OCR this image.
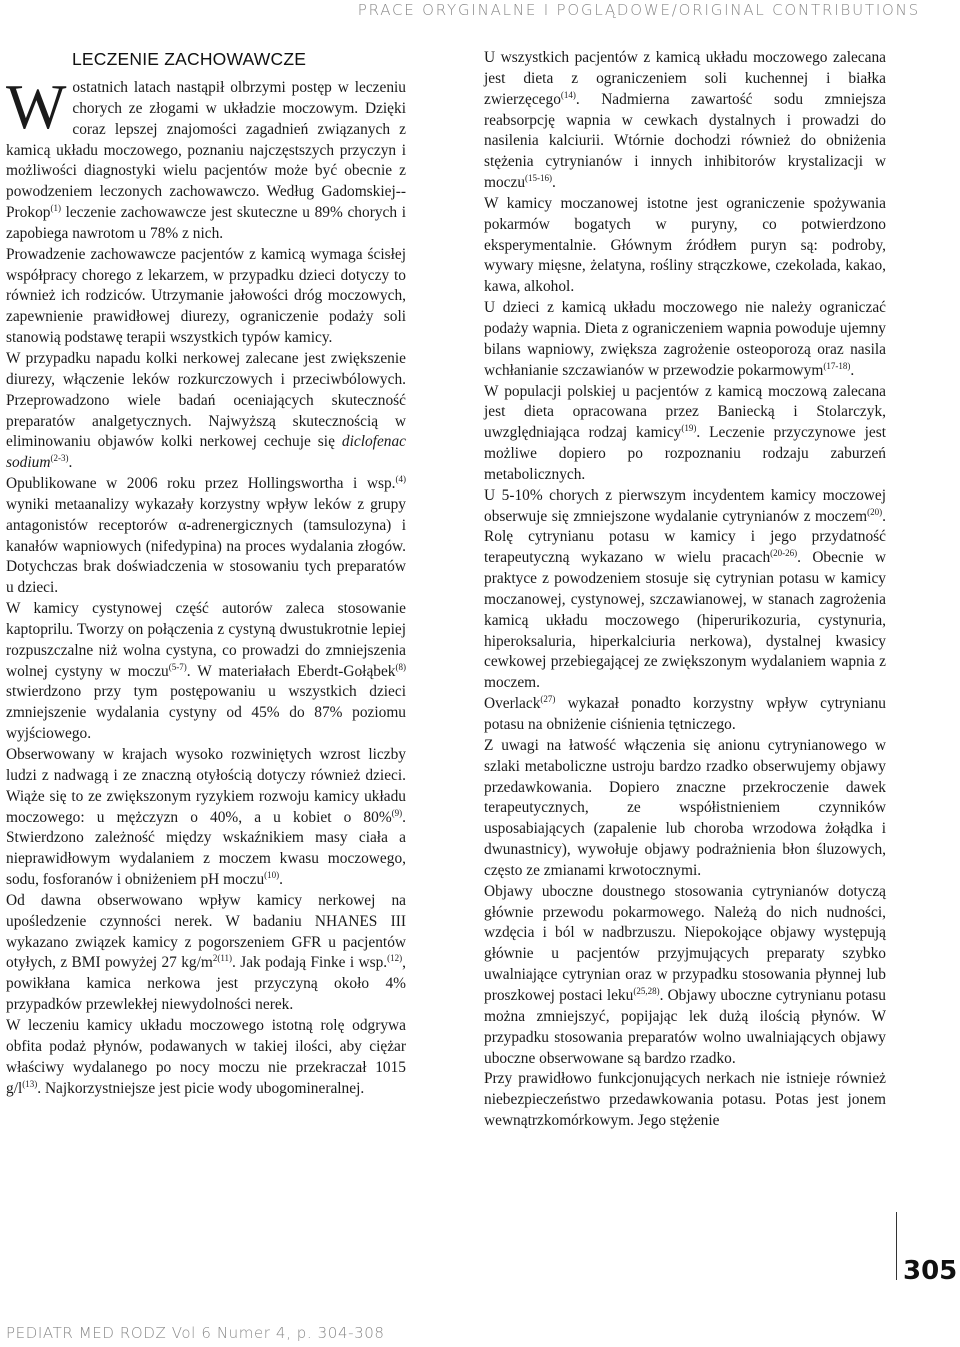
PRACE ORYGINALNE I POGLĄDOWE/ORIGINAL CONTRIBUTIONS
LECZENIE ZACHOWAWCZE

Wostatnich latach nastąpił olbrzymi postęp w leczeniu chorych ze złogami w układzie moczowym. Dzięki coraz lepszej znajomości zagadnień związanych z kamicą układu moczowego, poznaniu najczęstszych przyczyn i możliwości diagnostyki wielu pacjentów może być obecnie z powodzeniem leczonych zachowawczo. Według Gadomskiej--Prokop$^{(1)}$ leczenie zachowawcze jest skuteczne u 89% chorych i zapobiega nawrotom u 78% z nich.

Prowadzenie zachowawcze pacjentów z kamicą wymaga ścisłej współpracy chorego z lekarzem, w przypadku dzieci dotyczy to również ich rodziców. Utrzymanie jałowości dróg moczowych, zapewnienie prawidłowej diurezy, ograniczenie podaży soli stanowią podstawę terapii wszystkich typów kamicy.

W przypadku napadu kolki nerkowej zalecane jest zwiększenie diurezy, włączenie leków rozkurczowych i przeciwbólowych. Przeprowadzono wiele badań oceniających skuteczność preparatów analgetycznych. Najwyższą skutecznością w eliminowaniu objawów kolki nerkowej cechuje się diclofenac sodium$^{(2-3)}$.

Opublikowane w 2006 roku przez Hollingswortha i wsp.$^{(4)}$ wyniki metaanalizy wykazały korzystny wpływ leków z grupy antagonistów receptorów α-adrenergicznych (tamsulozyna) i kanałów wapniowych (nifedypina) na proces wydalania złogów. Dotychczas brak doświadczenia w stosowaniu tych preparatów u dzieci.

W kamicy cystynowej część autorów zaleca stosowanie kaptoprilu. Tworzy on połączenia z cystyną dwustukrotnie lepiej rozpuszczalne niż wolna cystyna, co prowadzi do zmniejszenia wolnej cystyny w moczu$^{(5-7)}$. W materiałach Eberdt-Gołąbek$^{(8)}$ stwierdzono przy tym postępowaniu u wszystkich dzieci zmniejszenie wydalania cystyny od 45% do 87% poziomu wyjściowego.

Obserwowany w krajach wysoko rozwiniętych wzrost liczby ludzi z nadwagą i ze znaczną otyłością dotyczy również dzieci. Wiąże się to ze zwiększonym ryzykiem rozwoju kamicy układu moczowego: u mężczyzn o 40%, a u kobiet o 80%$^{(9)}$. Stwierdzono zależność między wskaźnikiem masy ciała a nieprawidłowym wydalaniem z moczem kwasu moczowego, sodu, fosforanów i obniżeniem pH moczu$^{(10)}$.

Od dawna obserwowano wpływ kamicy nerkowej na upośledzenie czynności nerek. W badaniu NHANES III wykazano związek kamicy z pogorszeniem GFR u pacjentów otyłych, z BMI powyżej 27 $kg/m^{2(11)}$. Jak podają Finke i wsp.$^{(12)}$, powikłana kamica nerkowa jest przyczyną około 4% przypadków przewlekłej niewydolności nerek.

W leczeniu kamicy układu moczowego istotną rolę odgrywa obfita podaż płynów, podawanych w takiej ilości, aby ciężar właściwy wydalanego po nocy moczu nie przekraczał 1015 $g/l^{(13)}$. Najkorzystniejsze jest picie wody ubogomineralnej.

U wszystkich pacjentów z kamicą układu moczowego zalecana jest dieta z ograniczeniem soli kuchennej i białka zwierzęcego$^{(14)}$. Nadmierna zawartość sodu zmniejsza reabsorpcję wapnia w cewkach dystalnych i prowadzi do nasilenia kalciurii. Wtórnie dochodzi również do obniżenia stężenia cytrynianów i innych inhibitorów krystalizacji w moczu$^{(15-16)}$.

W kamicy moczanowej istotne jest ograniczenie spożywania pokarmów bogatych w puryny, co potwierdzono eksperymentalnie. Głównym źródłem puryn są: podroby, wywary mięsne, żelatyna, rośliny strączkowe, czekolada, kakao, kawa, alkohol.

U dzieci z kamicą układu moczowego nie należy ograniczać podaży wapnia. Dieta z ograniczeniem wapnia powoduje ujemny bilans wapniowy, zwiększa zagrożenie osteoporozą oraz nasila wchłanianie szczawianów w przewodzie pokarmowym$^{(17-18)}$.

W populacji polskiej u pacjentów z kamicą moczową zalecana jest dieta opracowana przez Baniecką i Stolarczyk, uwzględniająca rodzaj kamicy$^{(19)}$. Leczenie przyczynowe jest możliwe dopiero po rozpoznaniu rodzaju zaburzeń metabolicznych.

U 5-10% chorych z pierwszym incydentem kamicy moczowej obserwuje się zmniejszone wydalanie cytrynianów z moczem$^{(20)}$. Rolę cytrynianu potasu w kamicy i jego przydatność terapeutyczną wykazano w wielu pracach$^{(20-26)}$. Obecnie w praktyce z powodzeniem stosuje się cytrynian potasu w kamicy moczanowej, cystynowej, szczawianowej, w stanach zagrożenia kamicą układu moczowego (hiperurikozuria, cystynuria, hiperoksaluria, hiperkalciuria nerkowa), dystalnej kwasicy cewkowej przebiegającej ze zwiększonym wydalaniem wapnia z moczem.

Overlack$^{(27)}$ wykazał ponadto korzystny wpływ cytrynianu potasu na obniżenie ciśnienia tętniczego.

Z uwagi na łatwość włączenia się anionu cytrynianowego w szlaki metaboliczne ustroju bardzo rzadko obserwujemy objawy przedawkowania. Dopiero znaczne przekroczenie dawek terapeutycznych, ze współistnieniem czynników usposabiających (zapalenie lub choroba wrzodowa żołądka i dwunastnicy), wywołuje objawy podrażnienia błon śluzowych, często ze zmianami krwotocznymi.

Objawy uboczne doustnego stosowania cytrynianów dotyczą głównie przewodu pokarmowego. Należą do nich nudności, wzdęcia i ból w nadbrzuszu. Niepokojące objawy występują głównie u pacjentów przyjmujących preparaty szybko uwalniające cytrynian oraz w przypadku stosowania płynnej lub proszkowej postaci leku$^{(25,28)}$. Objawy uboczne cytrynianu potasu można zmniejszyć, popijając lek dużą ilością płynów. W przypadku stosowania preparatów wolno uwalniających objawy uboczne obserwowane są bardzo rzadko.

Przy prawidłowo funkcjonujących nerkach nie istnieje również niebezpieczeństwo przedawkowania potasu. Potas jest jonem wewnątrzkomórkowym. Jego stężenie

305
PEDIATR MED RODZ Vol 6 Numer 4, p. 304-308
